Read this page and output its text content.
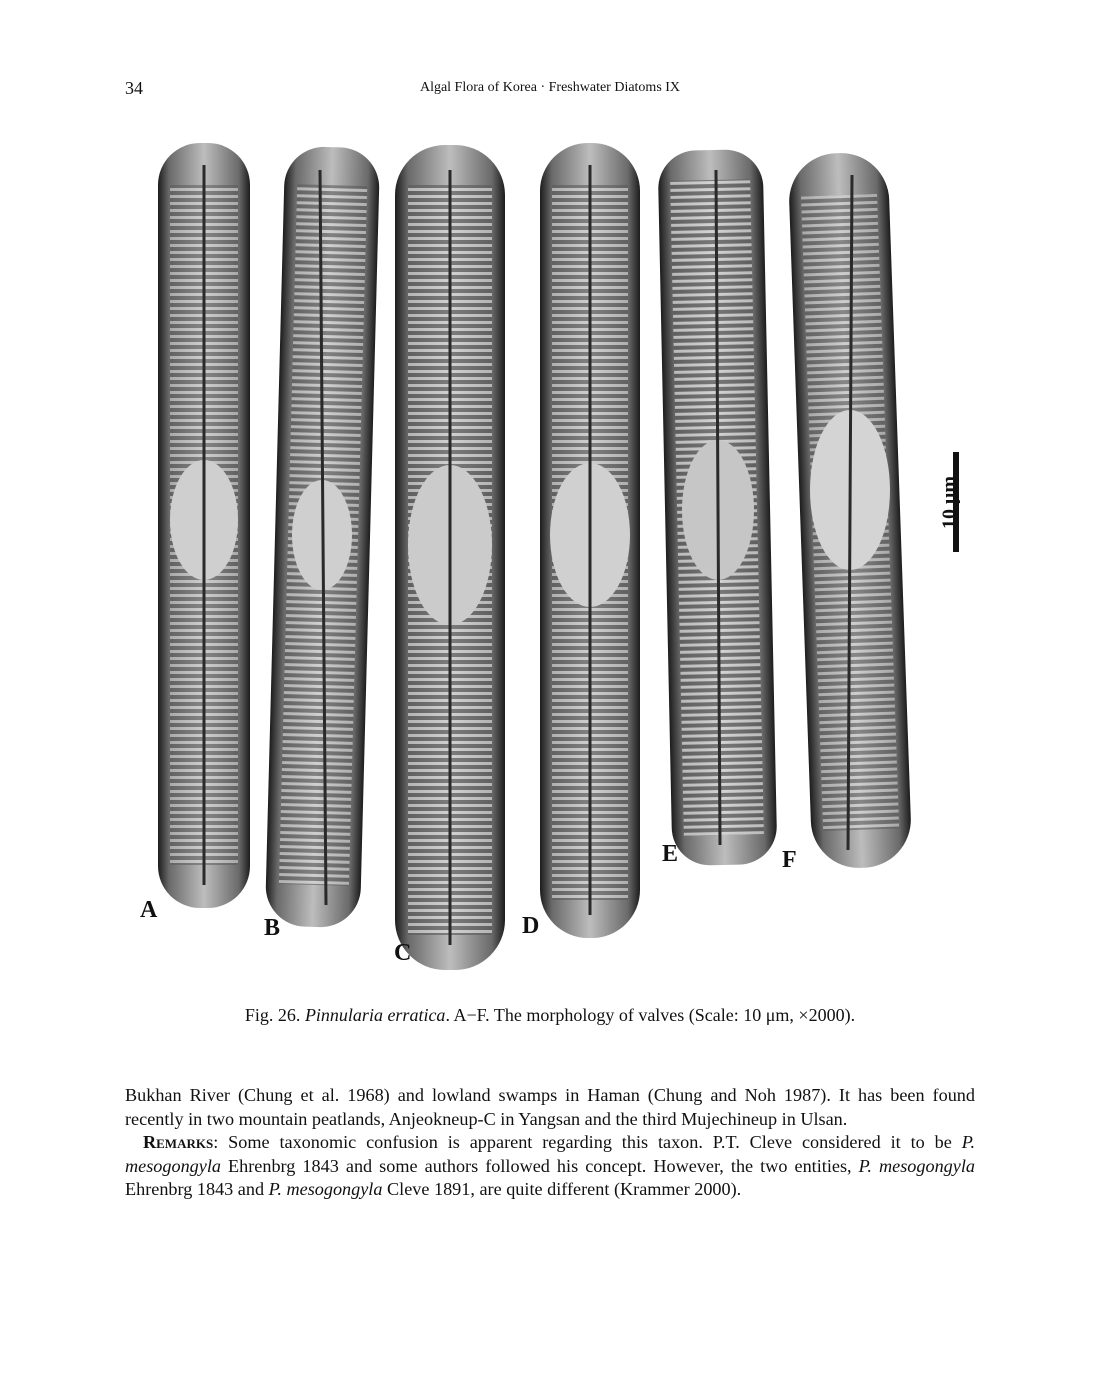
34	Algal Flora of Korea · Freshwater Diatoms IX
A
B
C
D
E	F
10 μm
Fig. 26. Pinnularia erratica. A−F. The morphology of valves (Scale: 10 μm, ×2000).

Bukhan River (Chung et al. 1968) and lowland swamps in Haman (Chung and Noh 1987). It has been found recently in two mountain peatlands, Anjeokneup-C in Yangsan and the third Mujechineup in Ulsan.

Remarks: Some taxonomic confusion is apparent regarding this taxon. P.T. Cleve considered it to be P. mesogongyla Ehrenbrg 1843 and some authors followed his concept. However, the two entities, P. mesogongyla Ehrenbrg 1843 and P. mesogongyla Cleve 1891, are quite different (Krammer 2000).
